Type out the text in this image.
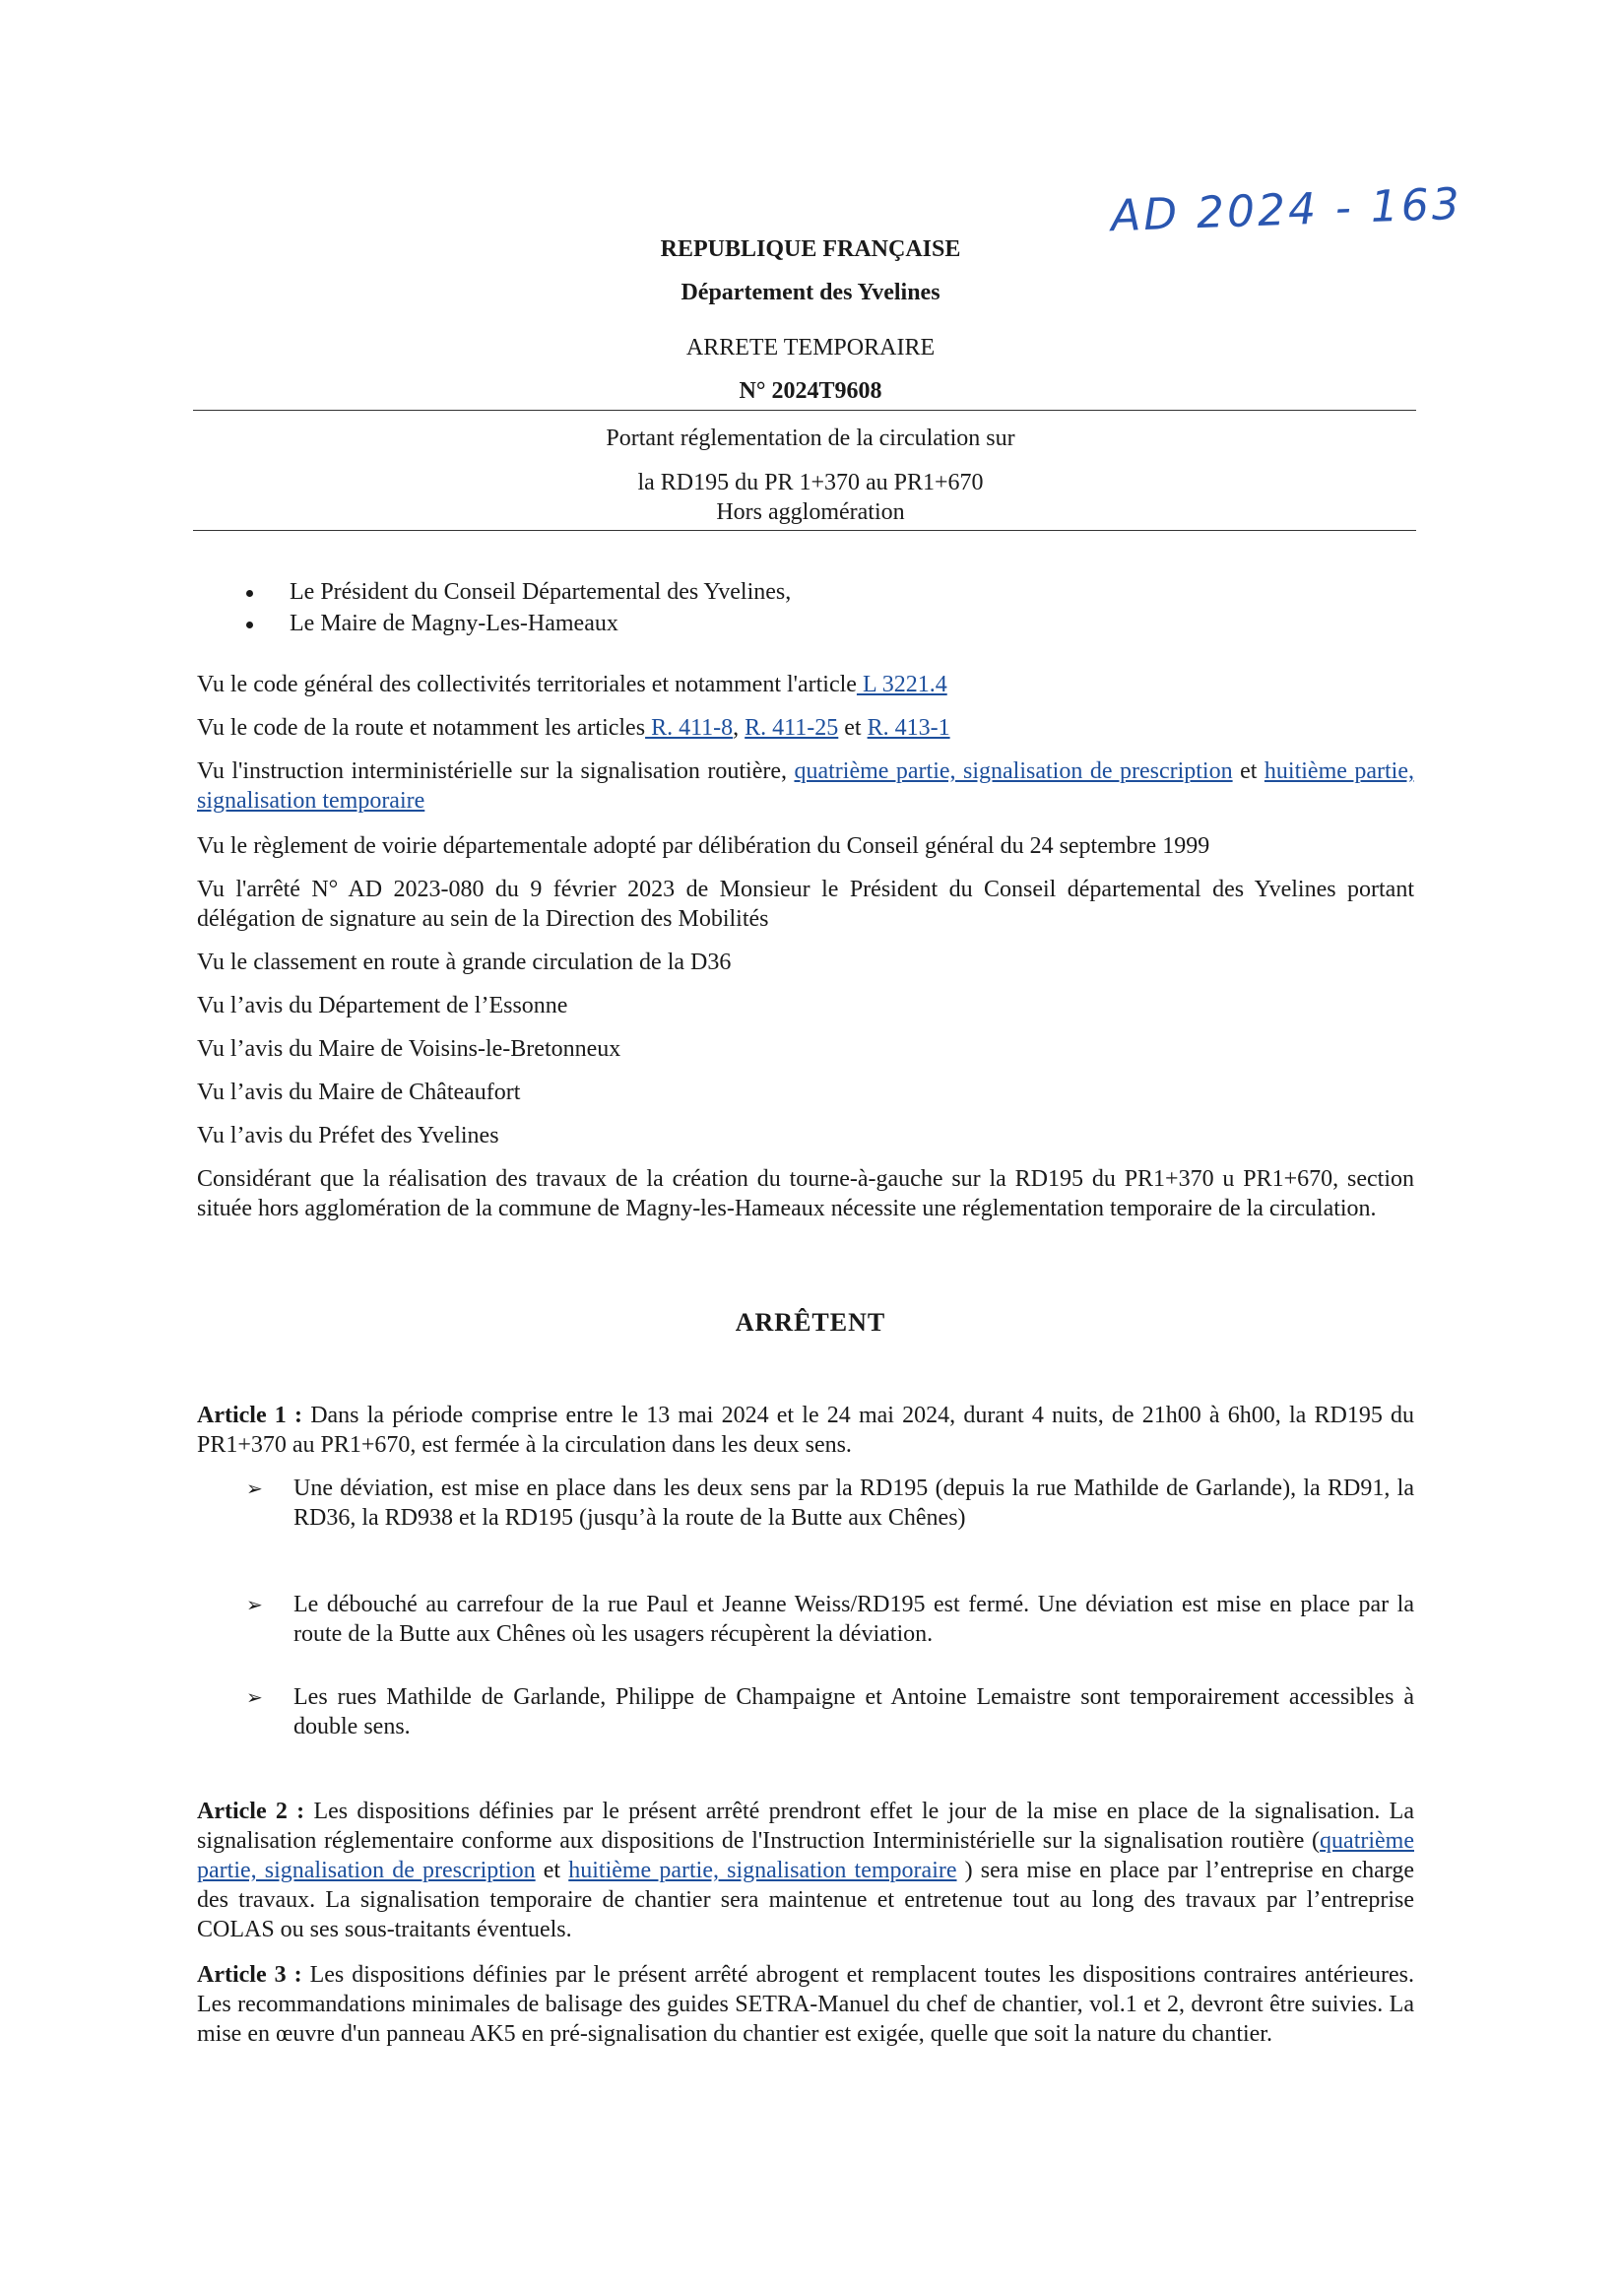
AD 2024 - 163
REPUBLIQUE FRANÇAISE
Département des Yvelines
ARRETE TEMPORAIRE
N° 2024T9608
Portant réglementation de la circulation sur
la RD195 du PR 1+370 au PR1+670
Hors agglomération
Le Président du Conseil Départemental des Yvelines,
Le Maire de Magny-Les-Hameaux

Vu le code général des collectivités territoriales et notamment l'article L 3221.4

Vu le code de la route et notamment les articles R. 411-8, R. 411-25 et R. 413-1

Vu l'instruction interministérielle sur la signalisation routière, quatrième partie, signalisation de prescription et huitième partie, signalisation temporaire

Vu le règlement de voirie départementale adopté par délibération du Conseil général du 24 septembre 1999

Vu l'arrêté N° AD 2023-080 du 9 février 2023 de Monsieur le Président du Conseil départemental des Yvelines portant délégation de signature au sein de la Direction des Mobilités

Vu le classement en route à grande circulation de la D36

Vu l’avis du Département de l’Essonne

Vu l’avis du Maire de Voisins-le-Bretonneux

Vu l’avis du Maire de Châteaufort

Vu l’avis du Préfet des Yvelines

Considérant que la réalisation des travaux de la création du tourne-à-gauche sur la RD195 du PR1+370 u PR1+670, section située hors agglomération de la commune de Magny-les-Hameaux nécessite une réglementation temporaire de la circulation.

ARRÊTENT

Article 1 : Dans la période comprise entre le 13 mai 2024 et le 24 mai 2024, durant 4 nuits, de 21h00 à 6h00, la RD195 du PR1+370 au PR1+670, est fermée à la circulation dans les deux sens.

➢ Une déviation, est mise en place dans les deux sens par la RD195 (depuis la rue Mathilde de Garlande), la RD91, la RD36, la RD938 et la RD195 (jusqu’à la route de la Butte aux Chênes)

➢ Le débouché au carrefour de la rue Paul et Jeanne Weiss/RD195 est fermé. Une déviation est mise en place par la route de la Butte aux Chênes où les usagers récupèrent la déviation.

➢ Les rues Mathilde de Garlande, Philippe de Champaigne et Antoine Lemaistre sont temporairement accessibles à double sens.

Article 2 : Les dispositions définies par le présent arrêté prendront effet le jour de la mise en place de la signalisation. La signalisation réglementaire conforme aux dispositions de l'Instruction Interministérielle sur la signalisation routière (quatrième partie, signalisation de prescription et huitième partie, signalisation temporaire ) sera mise en place par l’entreprise en charge des travaux. La signalisation temporaire de chantier sera maintenue et entretenue tout au long des travaux par l’entreprise COLAS ou ses sous-traitants éventuels.

Article 3 : Les dispositions définies par le présent arrêté abrogent et remplacent toutes les dispositions contraires antérieures. Les recommandations minimales de balisage des guides SETRA-Manuel du chef de chantier, vol.1 et 2, devront être suivies. La mise en œuvre d'un panneau AK5 en pré-signalisation du chantier est exigée, quelle que soit la nature du chantier.
